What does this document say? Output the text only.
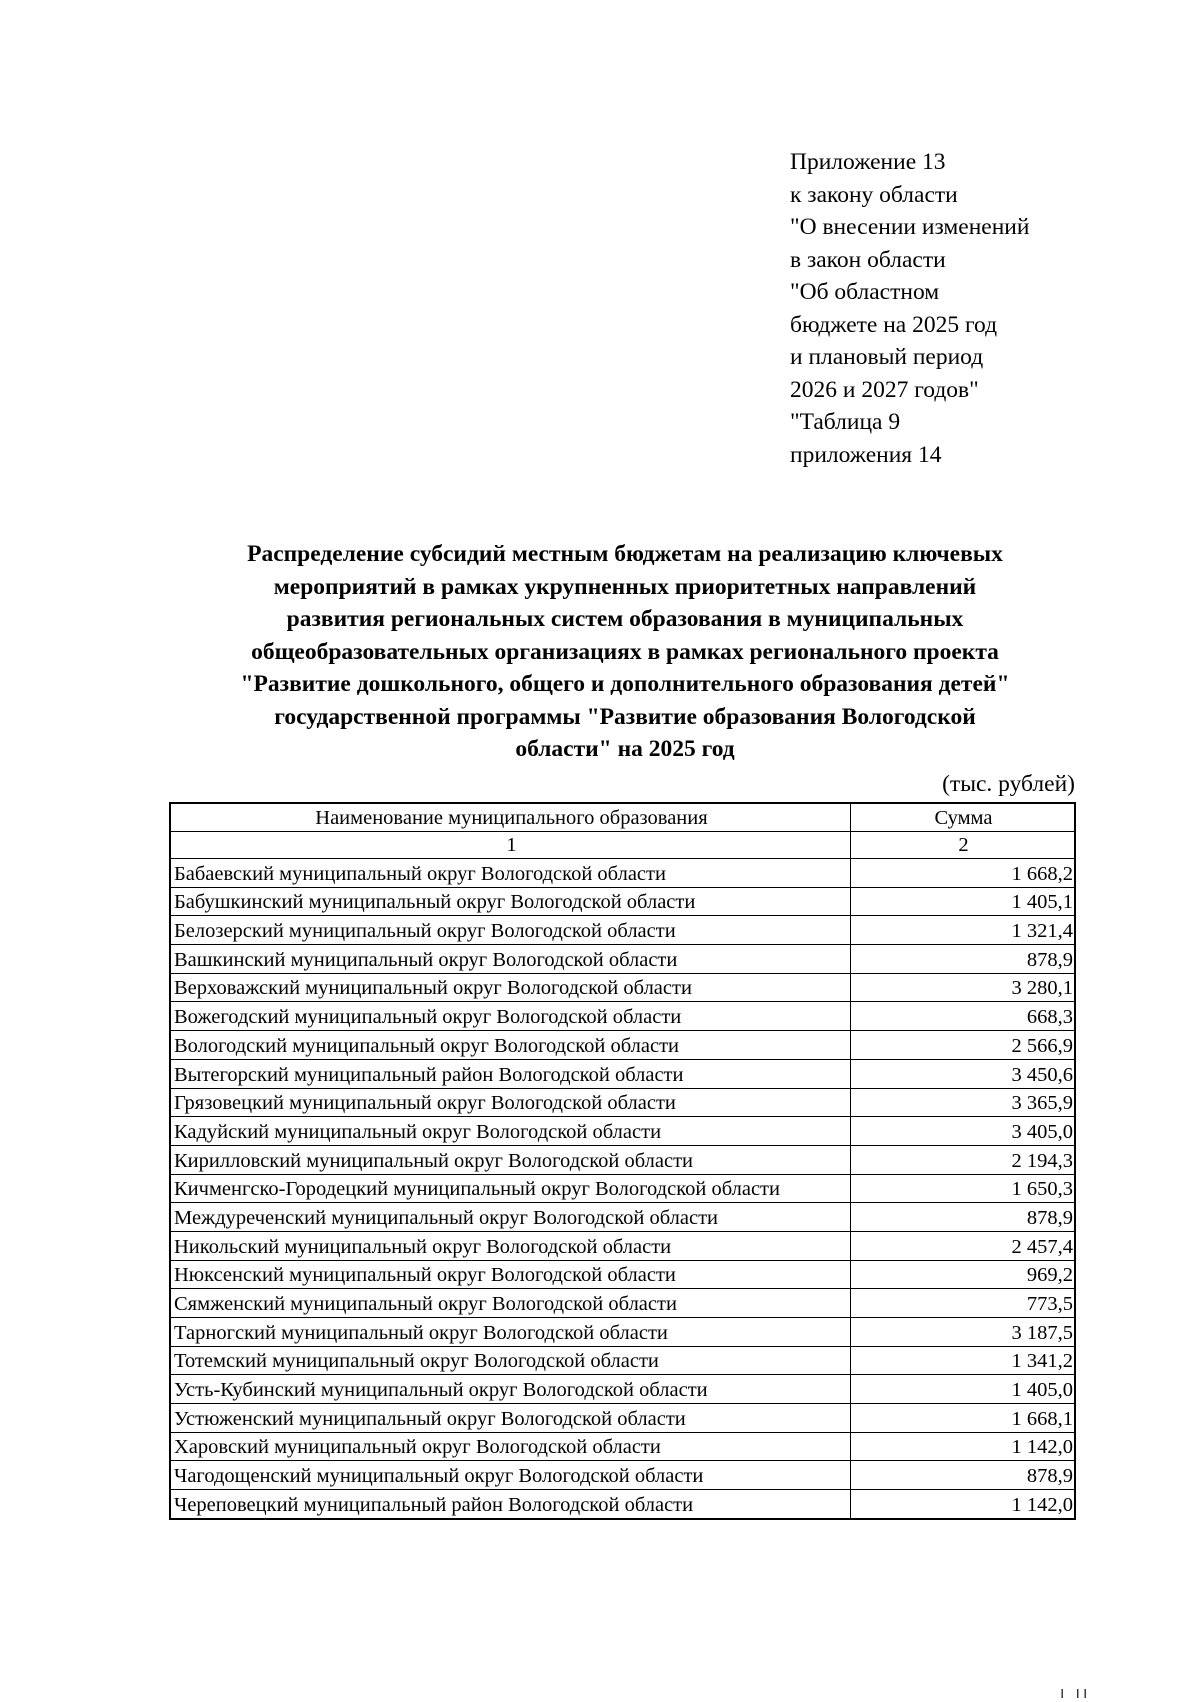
Приложение 13
к закону области
"О внесении изменений
в закон области
"Об областном
бюджете на 2025 год
и плановый период
2026 и 2027 годов"
"Таблица 9
приложения 14
Распределение субсидий местным бюджетам на реализацию ключевых
мероприятий в рамках укрупненных приоритетных направлений
развития региональных систем образования в муниципальных
общеобразовательных организациях в рамках регионального проекта
"Развитие дошкольного, общего и дополнительного образования детей"
государственной программы "Развитие образования Вологодской
области" на 2025 год
(тыс. рублей)
Наименование муниципального образования	Сумма
1	2
Бабаевский муниципальный округ Вологодской области	1 668,2
Бабушкинский муниципальный округ Вологодской области	1 405,1
Белозерский муниципальный округ Вологодской области	1 321,4
Вашкинский муниципальный округ Вологодской области	878,9
Верховажский муниципальный округ Вологодской области	3 280,1
Вожегодский муниципальный округ Вологодской области	668,3
Вологодский муниципальный округ Вологодской области	2 566,9
Вытегорский муниципальный район Вологодской области	3 450,6
Грязовецкий муниципальный округ Вологодской области	3 365,9
Кадуйский муниципальный округ Вологодской области	3 405,0
Кирилловский муниципальный округ Вологодской области	2 194,3
Кичменгско-Городецкий муниципальный округ Вологодской области	1 650,3
Междуреченский муниципальный округ Вологодской области	878,9
Никольский муниципальный округ Вологодской области	2 457,4
Нюксенский муниципальный округ Вологодской области	969,2
Сямженский муниципальный округ Вологодской области	773,5
Тарногский муниципальный округ Вологодской области	3 187,5
Тотемский муниципальный округ Вологодской области	1 341,2
Усть-Кубинский муниципальный округ Вологодской области	1 405,0
Устюженский муниципальный округ Вологодской области	1 668,1
Харовский муниципальный округ Вологодской области	1 142,0
Чагодощенский муниципальный округ Вологодской области	878,9
Череповецкий муниципальный район Вологодской области	1 142,0
ı ıı
